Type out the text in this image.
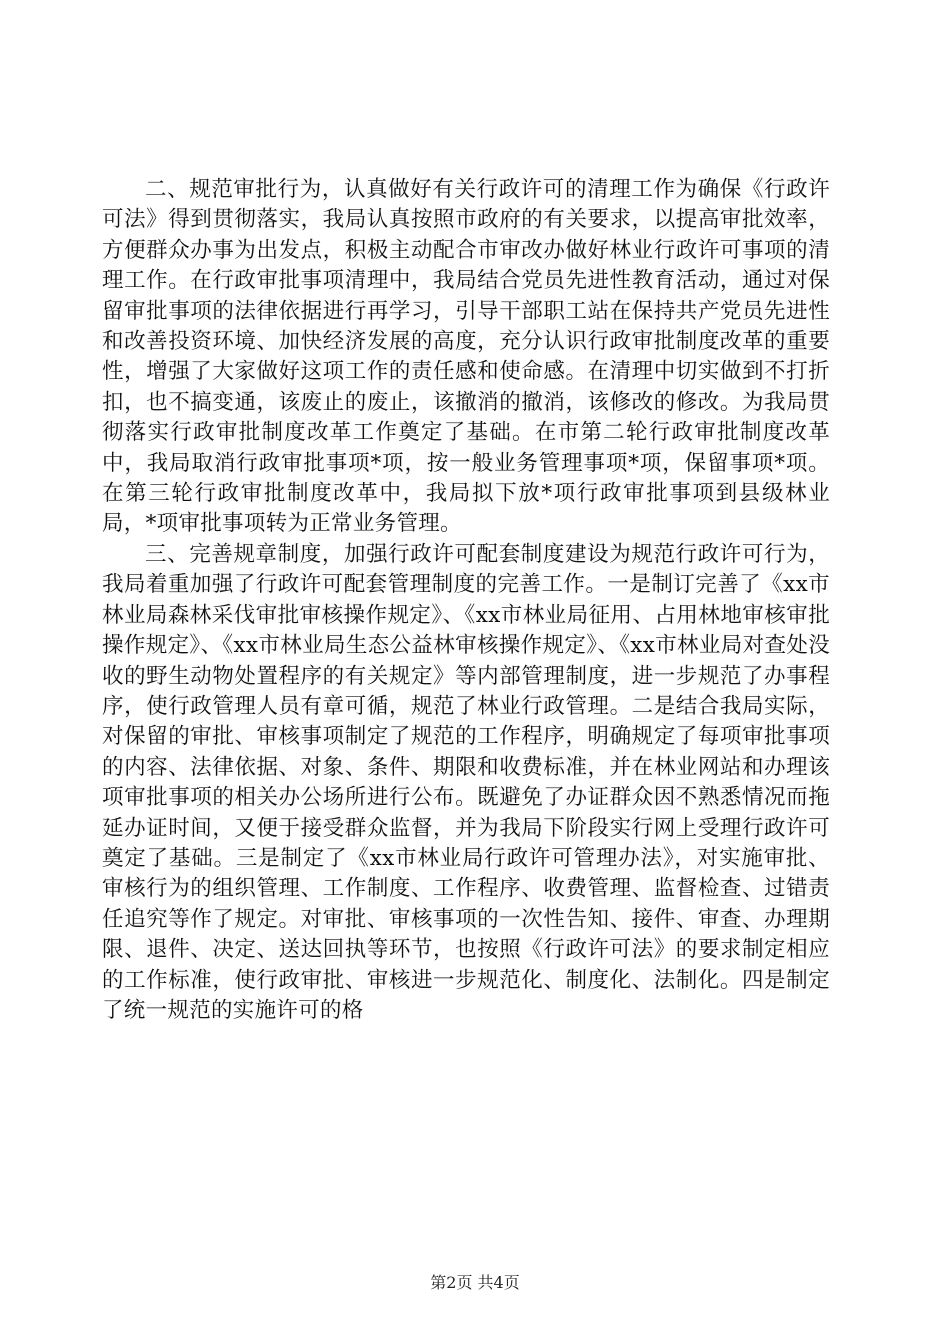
二、规范审批行为，认真做好有关行政许可的清理工作为确保《行政许可法》得到贯彻落实，我局认真按照市政府的有关要求，以提高审批效率，方便群众办事为出发点，积极主动配合市审改办做好林业行政许可事项的清理工作。在行政审批事项清理中，我局结合党员先进性教育活动，通过对保留审批事项的法律依据进行再学习，引导干部职工站在保持共产党员先进性和改善投资环境、加快经济发展的高度，充分认识行政审批制度改革的重要性，增强了大家做好这项工作的责任感和使命感。在清理中切实做到不打折扣，也不搞变通，该废止的废止，该撤消的撤消，该修改的修改。为我局贯彻落实行政审批制度改革工作奠定了基础。在市第二轮行政审批制度改革中，我局取消行政审批事项*项，按一般业务管理事项*项，保留事项*项。在第三轮行政审批制度改革中，我局拟下放*项行政审批事项到县级林业局，*项审批事项转为正常业务管理。

三、完善规章制度，加强行政许可配套制度建设为规范行政许可行为，我局着重加强了行政许可配套管理制度的完善工作。一是制订完善了《xx市林业局森林采伐审批审核操作规定》、《xx市林业局征用、占用林地审核审批操作规定》、《xx市林业局生态公益林审核操作规定》、《xx市林业局对查处没收的野生动物处置程序的有关规定》等内部管理制度，进一步规范了办事程序，使行政管理人员有章可循，规范了林业行政管理。二是结合我局实际，对保留的审批、审核事项制定了规范的工作程序，明确规定了每项审批事项的内容、法律依据、对象、条件、期限和收费标准，并在林业网站和办理该项审批事项的相关办公场所进行公布。既避免了办证群众因不熟悉情况而拖延办证时间，又便于接受群众监督，并为我局下阶段实行网上受理行政许可奠定了基础。三是制定了《xx市林业局行政许可管理办法》，对实施审批、审核行为的组织管理、工作制度、工作程序、收费管理、监督检查、过错责任追究等作了规定。对审批、审核事项的一次性告知、接件、审查、办理期限、退件、决定、送达回执等环节，也按照《行政许可法》的要求制定相应的工作标准，使行政审批、审核进一步规范化、制度化、法制化。四是制定了统一规范的实施许可的格

第2页 共4页
